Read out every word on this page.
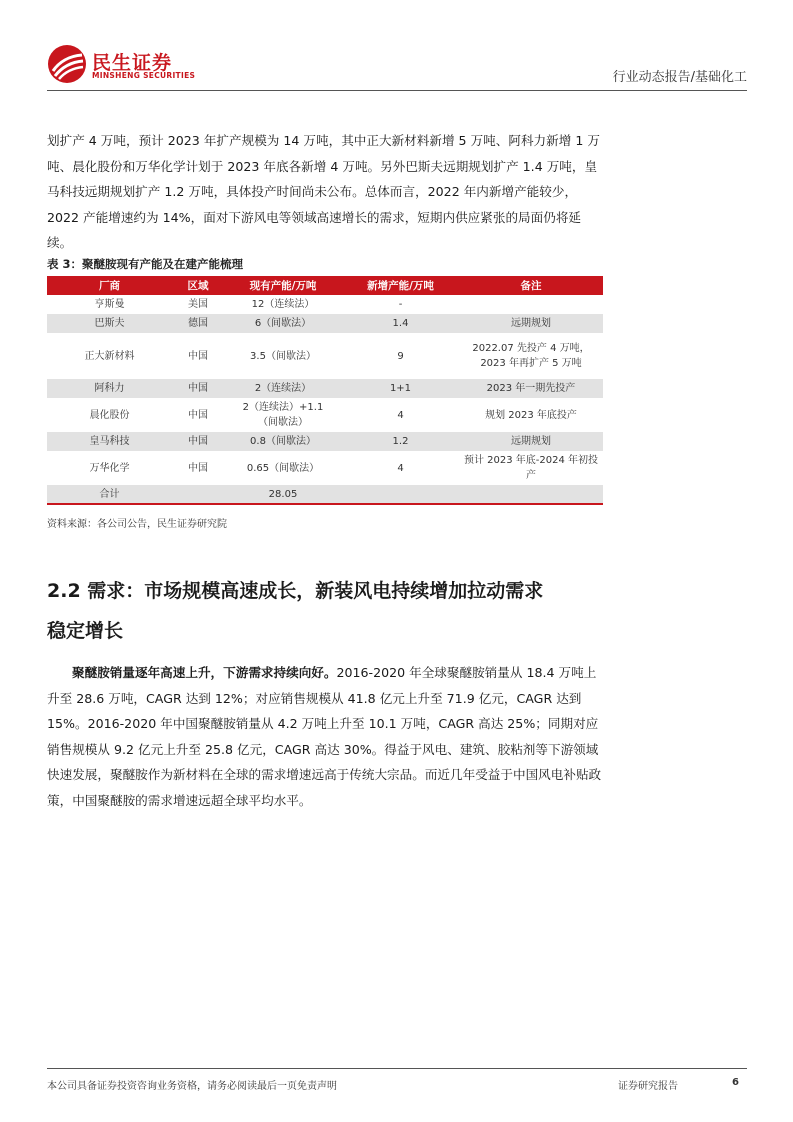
民生证券
MINSHENG SECURITIES	行业动态报告/基础化工

划扩产 4 万吨，预计 2023 年扩产规模为 14 万吨，其中正大新材料新增 5 万吨、阿科力新增 1 万吨、晨化股份和万华化学计划于 2023 年底各新增 4 万吨。另外巴斯夫远期规划扩产 1.4 万吨，皇马科技远期规划扩产 1.2 万吨，具体投产时间尚未公布。总体而言，2022 年内新增产能较少，2022 产能增速约为 14%，面对下游风电等领域高速增长的需求，短期内供应紧张的局面仍将延续。

表 3：聚醚胺现有产能及在建产能梳理
厂商	区域	现有产能/万吨	新增产能/万吨	备注
亨斯曼	美国	12（连续法）	-	
巴斯夫	德国	6（间歇法）	1.4	远期规划
正大新材料	中国	3.5（间歇法）	9	2022.07 先投产 4 万吨，
2023 年再扩产 5 万吨

阿科力	中国	2（连续法）	1+1	2023 年一期先投产
晨化股份	中国	2（连续法）+1.1
（间歇法）	4	规划 2023 年底投产
皇马科技	中国	0.8（间歇法）	1.2	远期规划
万华化学	中国	0.65（间歇法）	4	预计 2023 年底-2024 年初投
产

合计		28.05		
资料来源：各公司公告，民生证券研究院
2.2 需求：市场规模高速成长，新装风电持续增加拉动需求
稳定增长

聚醚胺销量逐年高速上升，下游需求持续向好。2016-2020 年全球聚醚胺销量从 18.4 万吨上升至 28.6 万吨，CAGR 达到 12%；对应销售规模从 41.8 亿元上升至 71.9 亿元，CAGR 达到 15%。2016-2020 年中国聚醚胺销量从 4.2 万吨上升至 10.1 万吨，CAGR 高达 25%；同期对应销售规模从 9.2 亿元上升至 25.8 亿元，CAGR 高达 30%。得益于风电、建筑、胶粘剂等下游领域快速发展，聚醚胺作为新材料在全球的需求增速远高于传统大宗品。而近几年受益于中国风电补贴政策，中国聚醚胺的需求增速远超全球平均水平。

本公司具备证券投资咨询业务资格，请务必阅读最后一页免责声明	证券研究报告	6
